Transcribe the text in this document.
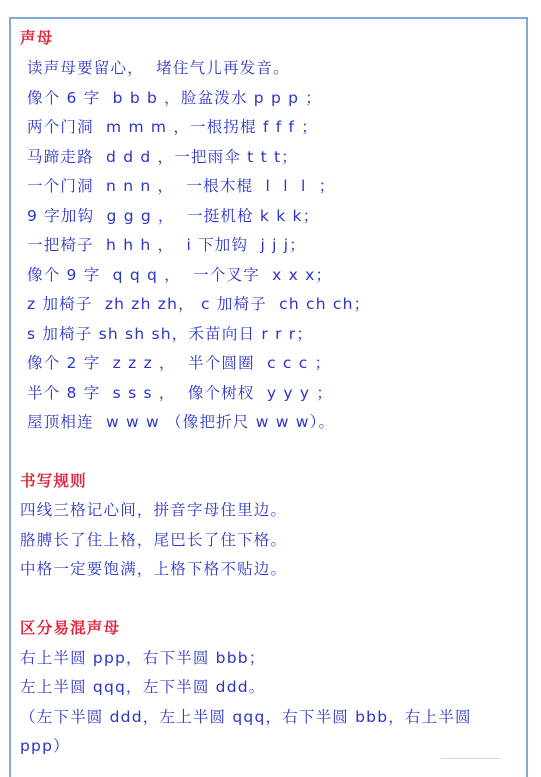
声母
读声母要留心，  堵住气儿再发音。
像个 6 字  b b b ，脸盆泼水 p p p ；
两个门洞  m m m ，一根拐棍 f f f ；
马蹄走路  d d d ，一把雨伞 t t t；
一个门洞  n n n ，  一根木棍  l  l  l  ；
9 字加钩  g g g ，  一挺机枪 k k k；
一把椅子  h h h ，  i 下加钩  j j j；
像个 9 字  q q q ，  一个叉字  x x x；
z 加椅子  zh zh zh， c 加椅子  ch ch ch；
s 加椅子 sh sh sh，禾苗向日 r r r；
像个 2 字  z z z ，  半个圆圈  c c c ；
半个 8 字  s s s ，  像个树杈  y y y ；
屋顶相连  w w w （像把折尺 w w w）。
书写规则
四线三格记心间，拼音字母住里边。
胳膊长了住上格，尾巴长了住下格。
中格一定要饱满，上格下格不贴边。
区分易混声母
右上半圆 ppp，右下半圆 bbb；
左上半圆 qqq，左下半圆 ddd。
（左下半圆 ddd，左上半圆 qqq，右下半圆 bbb，右上半圆
ppp）
